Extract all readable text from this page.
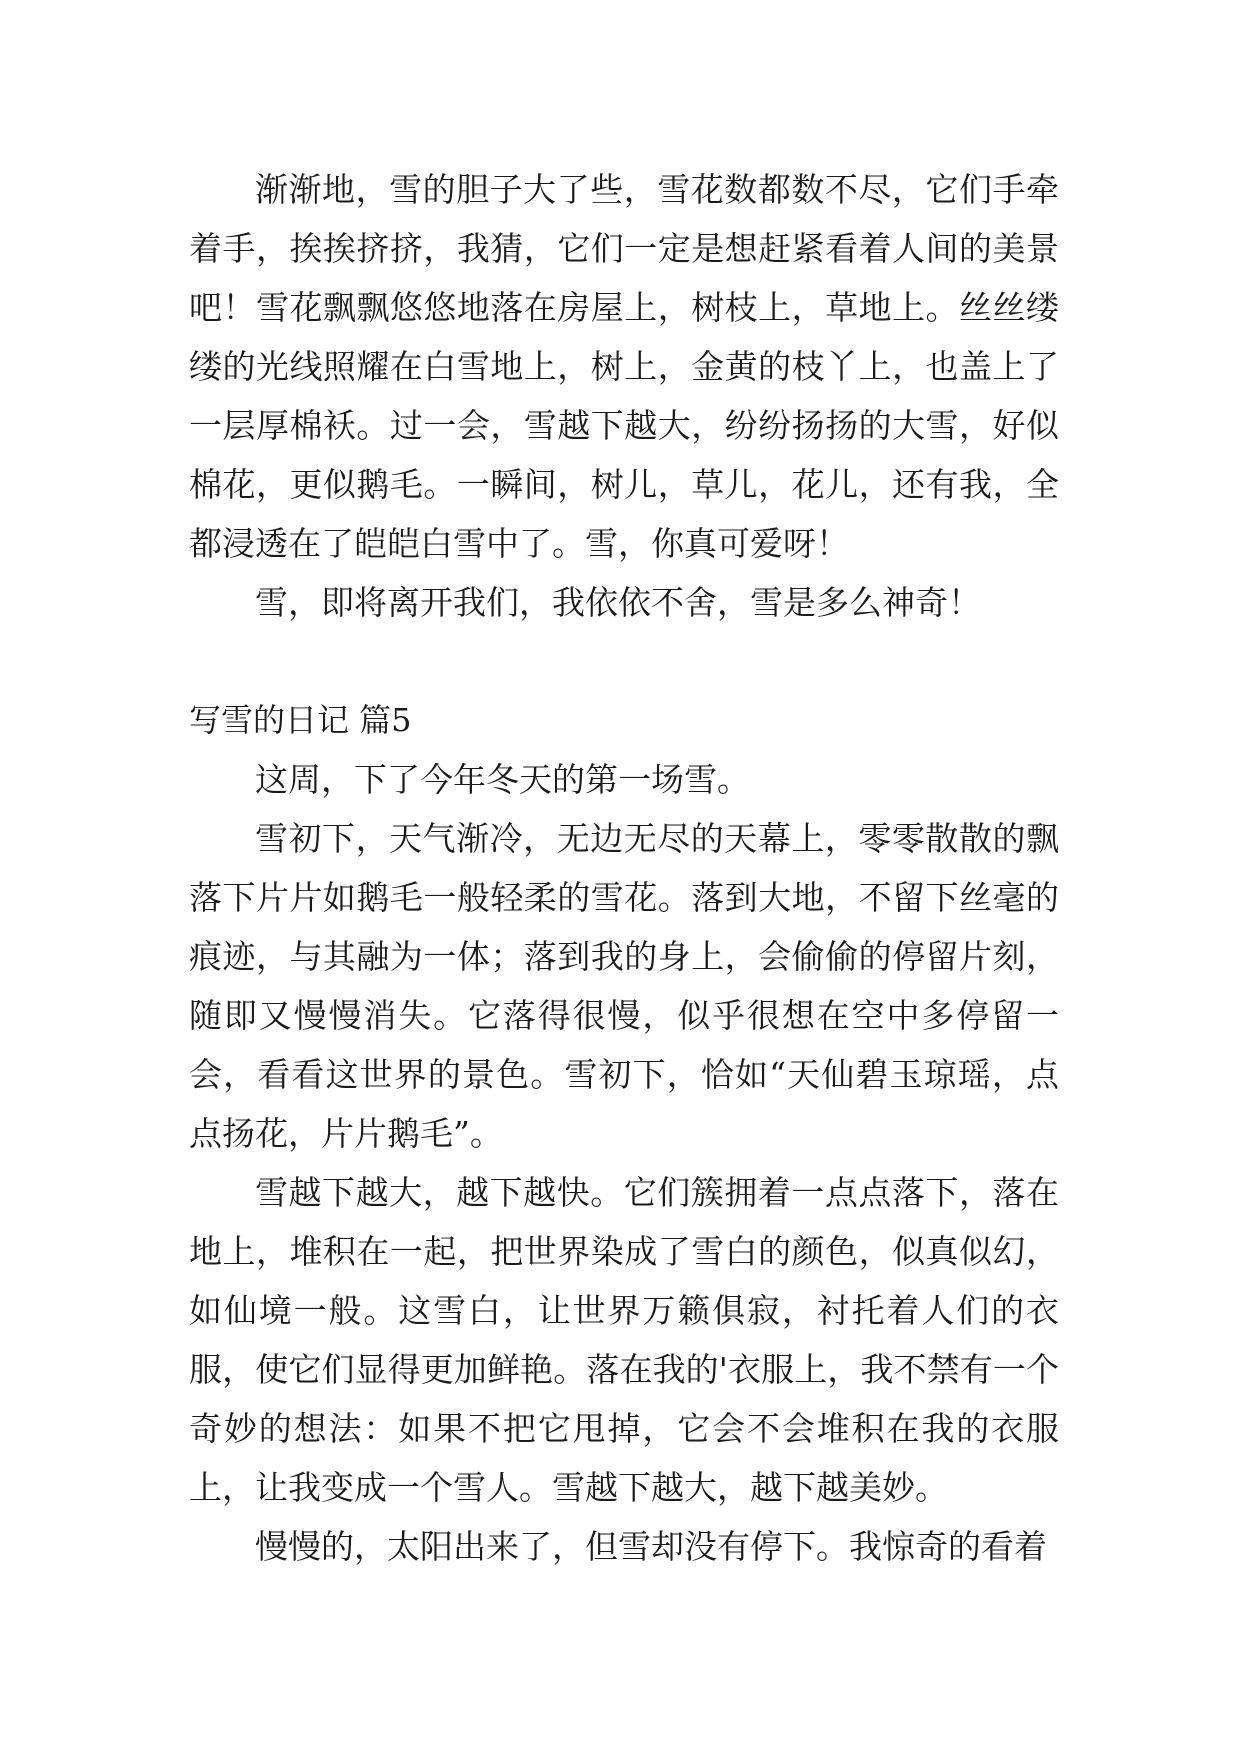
渐渐地，雪的胆子大了些，雪花数都数不尽，它们手牵着手，挨挨挤挤，我猜，它们一定是想赶紧看着人间的美景吧！雪花飘飘悠悠地落在房屋上，树枝上，草地上。丝丝缕缕的光线照耀在白雪地上，树上，金黄的枝丫上，也盖上了一层厚棉袄。过一会，雪越下越大，纷纷扬扬的大雪，好似棉花，更似鹅毛。一瞬间，树儿，草儿，花儿，还有我，全都浸透在了皑皑白雪中了。雪，你真可爱呀！

雪，即将离开我们，我依依不舍，雪是多么神奇！

写雪的日记 篇5

这周，下了今年冬天的第一场雪。

雪初下，天气渐冷，无边无尽的天幕上，零零散散的飘落下片片如鹅毛一般轻柔的雪花。落到大地，不留下丝毫的痕迹，与其融为一体；落到我的身上，会偷偷的停留片刻，随即又慢慢消失。它落得很慢，似乎很想在空中多停留一会，看看这世界的景色。雪初下，恰如“天仙碧玉琼瑶，点点扬花，片片鹅毛”。

雪越下越大，越下越快。它们簇拥着一点点落下，落在地上，堆积在一起，把世界染成了雪白的颜色，似真似幻，如仙境一般。这雪白，让世界万籁俱寂，衬托着人们的衣服，使它们显得更加鲜艳。落在我的'衣服上，我不禁有一个奇妙的想法：如果不把它甩掉，它会不会堆积在我的衣服上，让我变成一个雪人。雪越下越大，越下越美妙。

慢慢的，太阳出来了，但雪却没有停下。我惊奇的看着
